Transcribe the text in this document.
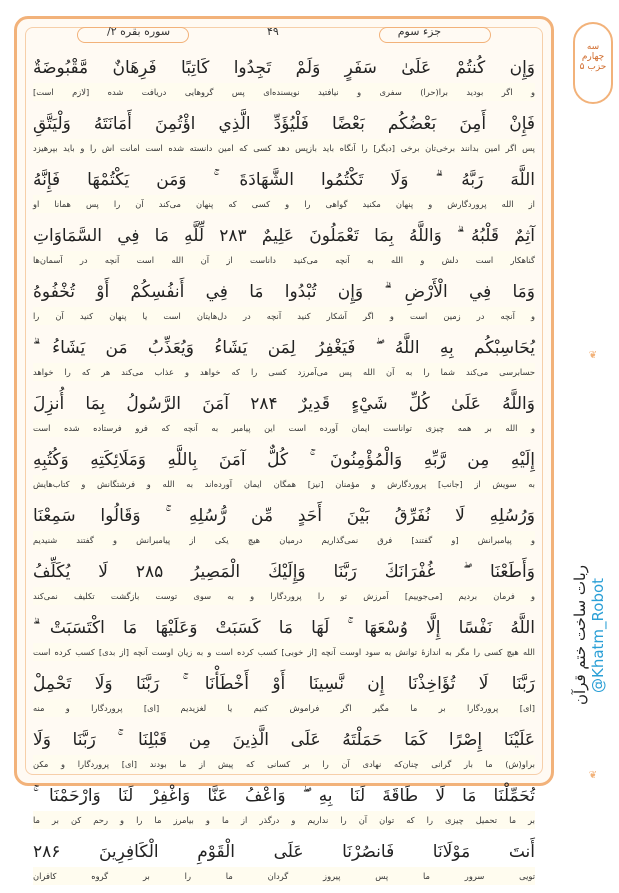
جزء سوم
۴۹
سوره بقره ۲/
وَإِن كُنتُمْ عَلَىٰ سَفَرٍ وَلَمْ تَجِدُوا كَاتِبًا فَرِهَانٌ مَّقْبُوضَةٌ
و اگر بودید برا(حرا) سفری و نیافتید نویسنده‌ای پس گروهایی دریافت شده [لازم است]
فَإِنْ أَمِنَ بَعْضُكُم بَعْضًا فَلْيُؤَدِّ الَّذِي اؤْتُمِنَ أَمَانَتَهُ وَلْيَتَّقِ
پس اگر امین بدانند برخی‌تان برخی [دیگر] را آنگاه باید بازپس دهد کسی که امین دانسته شده است امانت اش را و باید بپرهیزد
اللَّهَ رَبَّهُ ۗ وَلَا تَكْتُمُوا الشَّهَادَةَ ۚ وَمَن يَكْتُمْهَا فَإِنَّهُ
از الله پروردگارش و پنهان مکنید گواهی را و کسی که پنهان می‌کند آن را پس همانا او
آثِمٌ قَلْبُهُ ۗ وَاللَّهُ بِمَا تَعْمَلُونَ عَلِيمٌ ۲۸۳ لِّلَّهِ مَا فِي السَّمَاوَاتِ
گناهکار است دلش و الله به آنچه می‌کنید داناست از آن الله است آنچه در آسمان‌ها
وَمَا فِي الْأَرْضِ ۗ وَإِن تُبْدُوا مَا فِي أَنفُسِكُمْ أَوْ تُخْفُوهُ
و آنچه در زمین است و اگر آشکار کنید آنچه در دل‌هایتان است یا پنهان کنید آن را
يُحَاسِبْكُم بِهِ اللَّهُ ۖ فَيَغْفِرُ لِمَن يَشَاءُ وَيُعَذِّبُ مَن يَشَاءُ ۗ
حسابرسی می‌کند شما را به آن الله پس می‌آمرزد کسی را که خواهد و عذاب می‌کند هر که را خواهد
وَاللَّهُ عَلَىٰ كُلِّ شَيْءٍ قَدِيرٌ ۲۸۴ آمَنَ الرَّسُولُ بِمَا أُنزِلَ
و الله بر همه چیزی تواناست ایمان آورده است این پیامبر به آنچه که فرو فرستاده شده است
إِلَيْهِ مِن رَّبِّهِ وَالْمُؤْمِنُونَ ۚ كُلٌّ آمَنَ بِاللَّهِ وَمَلَائِكَتِهِ وَكُتُبِهِ
به سویش از [جانب] پروردگارش و مؤمنان [نیز] همگان ایمان آورده‌اند به الله و فرشتگانش و کتاب‌هایش
وَرُسُلِهِ لَا نُفَرِّقُ بَيْنَ أَحَدٍ مِّن رُّسُلِهِ ۚ وَقَالُوا سَمِعْنَا
و پیامبرانش [و گفتند] فرق نمی‌گذاریم درمیان هیچ یکی از پیامبرانش و گفتند شنیدیم
وَأَطَعْنَا ۖ غُفْرَانَكَ رَبَّنَا وَإِلَيْكَ الْمَصِيرُ ۲۸۵ لَا يُكَلِّفُ
و فرمان بردیم [می‌جوییم] آمرزش تو را پروردگارا و به سوی توست بازگشت تکلیف نمی‌کند
اللَّهُ نَفْسًا إِلَّا وُسْعَهَا ۚ لَهَا مَا كَسَبَتْ وَعَلَيْهَا مَا اكْتَسَبَتْ ۗ
الله هیچ کسی را مگر به اندازهٔ توانش به سود اوست آنچه [از خوبی] کسب کرده است و به زیان اوست آنچه [از بدی] کسب کرده است
رَبَّنَا لَا تُؤَاخِذْنَا إِن نَّسِينَا أَوْ أَخْطَأْنَا ۚ رَبَّنَا وَلَا تَحْمِلْ
[ای] پروردگارا بر ما مگیر اگر فراموش کنیم یا لغزیدیم [ای] پروردگارا و منه
عَلَيْنَا إِصْرًا كَمَا حَمَلْتَهُ عَلَى الَّذِينَ مِن قَبْلِنَا ۚ رَبَّنَا وَلَا
براو(ش) ما بار گرانی چنان‌که نهادی آن را بر کسانی که پیش از ما بودند [ای] پروردگارا و مکن
تُحَمِّلْنَا مَا لَا طَاقَةَ لَنَا بِهِ ۖ وَاعْفُ عَنَّا وَاغْفِرْ لَنَا وَارْحَمْنَا ۚ
بر ما تحمیل چیزی را که توان آن را نداریم و درگذر از ما و بیامرز ما را و رحم کن بر ما
أَنتَ مَوْلَانَا فَانصُرْنَا عَلَى الْقَوْمِ الْكَافِرِينَ ۲۸۶
تویی سرور ما پس پیروز گردان ما را بر گروه کافران
سه چهارم حزب ۵
❦
❦
ربات ساخت ختم قرآن @Khatm_Robot
